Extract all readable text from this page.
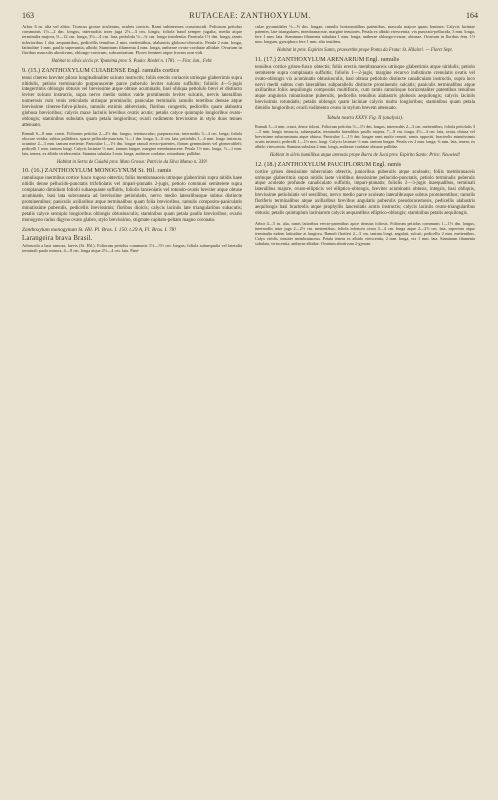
163	RUTACEAE: ZANTHOXYLUM.	164
Arbor 6 m. alta vel altior. Truncus grosse aculeatus, aculeis conicis. Rami subinermes crassiusculi. Foliorum petiolus communis 1½—2 dm. longus, internodiis inter juga 2½—3 cm. longis; foliola haud semper jugalia, media atque terminalia majora, 9—12 cm. longa, 3½—4 cm. lata, petiolula ½—¾ cm. longo insidentia. Panicula 1½ dm. longa, ramis inferioribus 1 dm. aequantibus, pedicellis tenuibus 2 mm. metientibus, alabastris globoso-obovatis. Petala 2 mm. longa, latitudine 1 mm. paullo superantia, albida. Staminum filamenta 4 mm. longa, antherae ovato-cordatae albidae. Ovarium in floribus masculis abortivum, oblongo-conicum, subcontratum. Flores feminei atque fructus non vidi.
Habitat in silvis siccis pr. Ypanéma prov. S. Paulo: Riedel n. 1781. — Flor. Jan., Febr.
9. (15.) ZANTHOXYLUM CUIABENSE Engl. ramulis cortice
tenui cinereo breviter piloso longitudinaliter sulcato instructis; foliis erectis coriaceis utrinque glaberrimis supra nitidulis, petiolo terminaculo purpurascente parce puberulo leviter sulcato suffultis; foliolis 4—5-jugis integerrimis oblongis obtusis vel brevissime atque obtuse acuminatis, basi obliqua petiolulo brevi et distincto leviter sulcato instructis, supra nervo medio subtus valde prominentis leviter sulcatis, nervis lateralibus numerosis cum venis reticulatis utrinque prominulis; paniculae terminalis ramulis teretibus densae atque brevissime cinereo-fulvo-pilosis, ramulis extimis abbreviatis, floribus congestis, pedicellis quam alabastra globosa brevioribus; calycis maxe laciniis brevibus ovatis acutis; petalis calyce quintuplo longioribus ovato-oblongis; staminibus subulatis quam petala longioribus; ovarii rudimento brevissimo in stylo duos tenues attenuato.
Ramuli 6—8 mm. crassi. Foliorum petiolus 2—2½ dm. longus, teretiusculus, purpurascens, internodiis 3—4 cm. longa; foliola obscure viridia, subtus pallidiora, sparse pellucido-punctata, ½—1 dm. longa, 3—6 cm. lata, petiolulis 3—4 mm. longo instructa, acumine 2—3 mm. tantum metiente. Paniculae 1—1½ dm. longae ramuli erecto-patentes, florum gemmulariis vel glomerulifeři; pedicelli 1 mm. tantum longi. Calycis laciniae ⅓ mm. tantum longae, margine membranaceae. Petala 1½ mm. longa, ½—1 mm. lata, tenera, ex albido viridescentia. Stamina subulata 3 mm. longa; antherae cordatae, rotundatae, pallidae.
Habitat in Serra de Cuiabá prov. Mato Grosso: Patricio da Silva Manso n. 339!
10. (16.) ZANTHOXYLUM MONOGYNUM St. Hil. ramis
ramulisque inermibus cortice fusco rugoso obtectis; foliis membranaceis utrinque glaberrimis supra nitidis haee nitidis dense pellucido-punctatis trifoliolatis vel impari-pinnatis 2-jugis, petiolo communi semiterete supra complanato dimidium foliolii subaequante suffultis, foliolis lanceolatis vel rotundo-ovatis breviter atque obtuse acuminatis, basi lata subcuneata ad brevissime petiolulatis, nervo medio lateralibusque subtus distincte prominentibus; paniculis axillaribus atque terminalibus quam folia brevioribus, ramulis composito-paniculatis minutissime puberulis, pedicellis brevissimis; floribus dioicis; calycis laciniis late triangularibus subacutis; petalis calyce sextuplo longioribus oblongis obtusiusculis; staminibus quam petala paullo brevioribus; ovario monogyno rarius digyno ovato glabro, stylo brevissimo, stigmate capitato-peltato magno coronato.
Zanthoxylum monogynum St. Hil. Pl. Bras. I. 150. t.29 A, Fl. Bras. I. 78!
Larangeira brava Brasil.
Arbuscula a basi ramosa, laevis (St. Hil.). Foliorum petiolus communis 1½—3½ cm. longus; foliola subaequalia vel lateralia terminali paulo minora, 4—8 cm. longa atque 2½—4 cm. lata. Pani-
culae pyramidales ½—⅔ dm. longae, ramulis horizontalibus patentibus, mascula majore quam feminea. Calycis laciniae patentes, late triangulares, membranaceae, margine tenuiores. Petala ex albido virescentia, vix punctato-pellucida, 3 mm. longa, fere 1 mm. lata. Staminum filamenta subulata 1 mm. longa, antherae oblongo-ovatae, obtusae. Ovarium in floribus fem. 1½ mm. longum, gynophoro fere 1 mm. alto insidens.
Habitat in prov. Espirito Santo, praesertim prope Ponta da Fruta: St. Hilaire!. — Florct Sept.
11. (17.) ZANTHOXYLUM ARENARIUM Engl. ramulis
tenuibus cortice griseo-fusco obtectis; foliis erectis membranaceis utrinque glaberrimis atque nitidulis; petiolo semiterete supra complanato suffultis; foliolis 1—2-jugis, margine recurvo indistincte crenulatis ovatis vel ovato-oblongis vix acuminatis obtusiusculis, basi obtusa petiolulo distincte canaliculato instructis, supra loco nervi medii subtus cum lateralibus subparallelis distincte prominentis sulcatis; paniculis terminalibus atque axillaribus foliis aequilongis compositis multifloris, cum ramis ramulisque horizontaliter patentibus tenuibus atque angulosis minutissime puberulis, pedicellis tenuibus alabastris globosis aequilongis; calycis laciniis brevissimis rotundatis; petalis oblongis quam laciniae calycis multo longioribus; staminibus quam petala dimidio longioribus; ovarii rudimento ovato in stylum brevem attenuato.
Tabula nostra XXXV. Fig. II (analysis).
Ramuli 3—4 mm. crassi, dense foliosi. Foliorum petiolus ½—1½ dm. longus, internodiis 2—3 cm. metientibus; foliola petiolulis 3—5 mm. longis instructa, subaequalia, terminalia lateralibus paullo majora, 7—8 cm. longa, 4½—4 cm. lata, ovata, obtusa vel brevissime subacuminata atque obtusa. Paniculae 1—1½ dm. longae rami multo remoti, ramis oppositi, bracteolis minutissimis acutis instructi; pedicelli 1—1½ mm. longi. Calycis laciniae ⅓ mm. tantum longae. Petala vix 2 mm. longa, ¾ mm. lata, tenera, ex albido virescentia. Stamina subulata 2 mm. longa, antherae cordatae obtusae pallidae.
Habitat in silvis humilibus atque arenosis prope Barra de Jucú prov. Espirito Santo: Princ. Neuwied!
12. (18.) ZANTHOXYLUM PAUCIFLORUM Engl. ramis
cortice griseo densissime tuberculato obtectis, junioribus puberulis atque aculeatis; foliis membranaceis utrinque glaberrimis supra nitidis laete viridibus densissime pellucido-punctatis, petiolo terminalis puberulo atque aculeato profunde canaliculato suffultis, impari-pinnatis; foliolis 2—3-jugis inaequalibus, terminali lateralibus majore, ovato-ellipticis vel elliptico-oblongis, breviter acuminatis obtusis, integris, basi obliquis, brevissime petiolulatis vel sessilibus, nervo medio parce aculeato lateralibusque subtus prominentibus; ramulis floriferis terminalibus atque axillaribus brevibus angulatis puberulis pseudoracemosis, pedicellis alabastris aequilongis basi bracteolis atque prophyllis lanceolatis acutis instructis; calycis laciniis ovato-triangularibus obtusis; petalis quintuplum laciniarum calycis aequantibus elliptico-oblongis; staminibus petalis aequilongis.
Arbor 4—5 m. alta, ramis latioribus erecto-patentibus apice densius foliosis. Foliorum petiolus communis 1—1½ dm. longus, internodiis inter juga 2—2½ cm. metientibus; foliola inferiora ovata 3—4 cm. longa atque 2—2½ cm. lata, superiora atque terminalia eadem latitudine at longiora. Ramuli floriferi 2—3 cm. tantum longi, angulati, sulcati, pedicellis 2 mm. metientibus. Calyx viridis, tenuiter membranaceus. Petala tenera ex albido virescentia, 2 mm. longa, vix 1 mm. lata. Staminum filamenta subulata, virescentia, antherae albidae. Ovarium abortivum 2-gynum.
